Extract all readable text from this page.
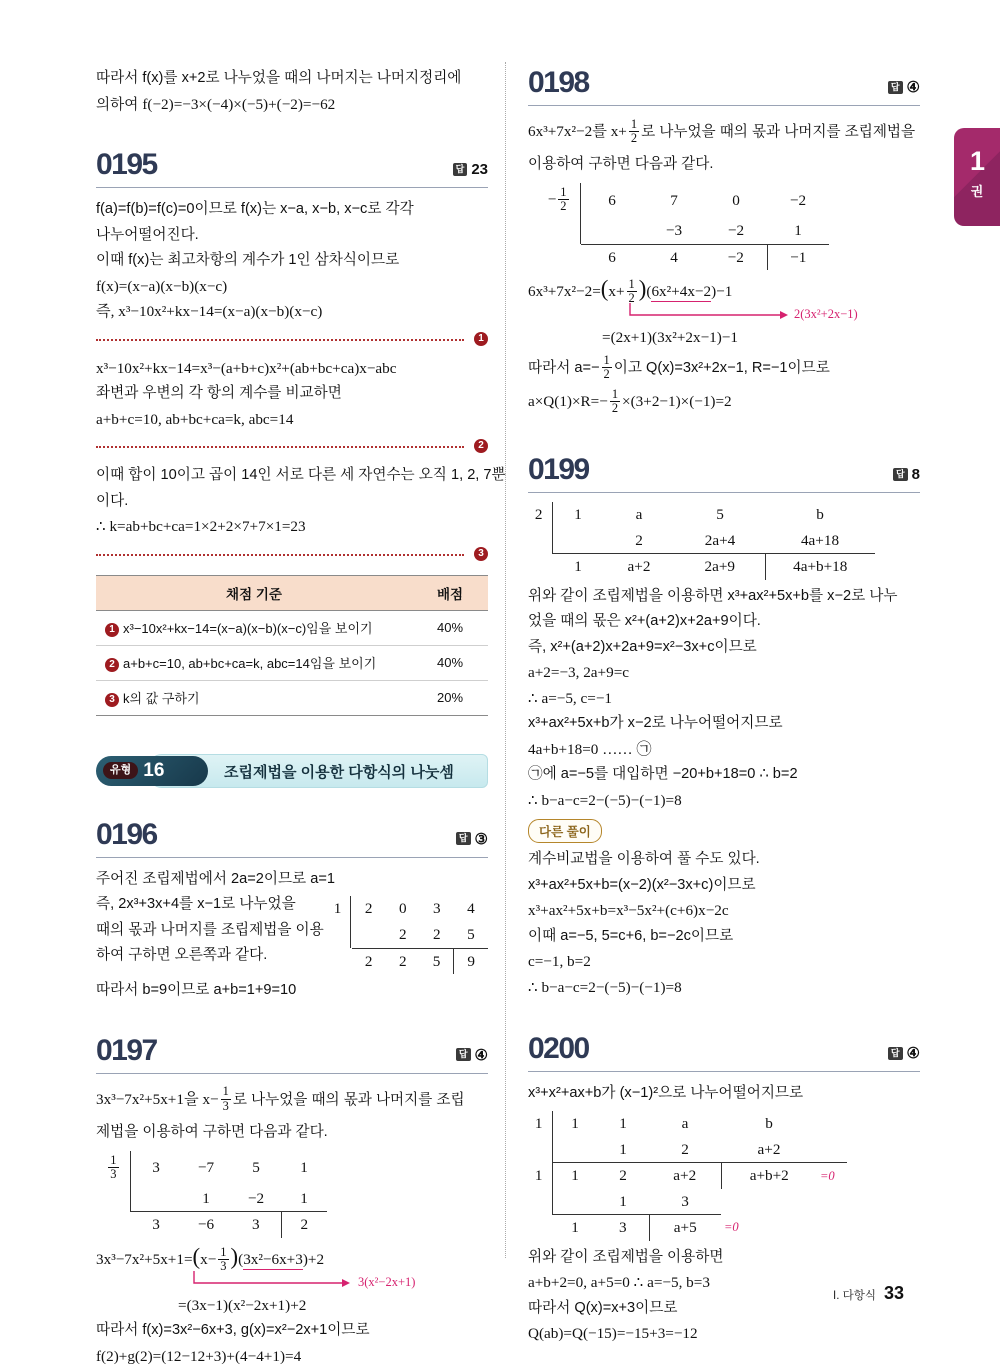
1
권
따라서 f(x)를 x+2로 나누었을 때의 나머지는 나머지정리에
의하여 f(−2)=−3×(−4)×(−5)+(−2)=−62
0195	답 23
f(a)=f(b)=f(c)=0이므로 f(x)는 x−a, x−b, x−c로 각각
나누어떨어진다.
이때 f(x)는 최고차항의 계수가 1인 삼차식이므로
f(x)=(x−a)(x−b)(x−c)
즉, x³−10x²+kx−14=(x−a)(x−b)(x−c)
1
x³−10x²+kx−14=x³−(a+b+c)x²+(ab+bc+ca)x−abc
좌변과 우변의 각 항의 계수를 비교하면
a+b+c=10, ab+bc+ca=k, abc=14
2
이때 합이 10이고 곱이 14인 서로 다른 세 자연수는 오직 1, 2, 7뿐
이다.
∴ k=ab+bc+ca=1×2+2×7+7×1=23
3
채점 기준	배점
1 x³−10x²+kx−14=(x−a)(x−b)(x−c)임을 보이기	40%
2 a+b+c=10, ab+bc+ca=k, abc=14임을 보이기	40%
3 k의 값 구하기	20%
유형 16	조립제법을 이용한 다항식의 나눗셈
0196	답 ③
주어진 조립제법에서 2a=2이므로 a=1
즉, 2x³+3x+4를 x−1로 나누었을
때의 몫과 나머지를 조립제법을 이용
하여 구하면 오른쪽과 같다.
1		2	0	3	4
			2	2	5
		2	2	5	9
따라서 b=9이므로 a+b=1+9=10
0197	답 ④
3x³−7x²+5x+1을 $x- \frac{1}{3}$ 로 나누었을 때의 몫과 나머지를 조립
제법을 이용하여 구하면 다음과 같다.
$\frac{1}{3}$		3	−7	5	1
			1	−2	1
		3	−6	3	2
$3x^3-7x^2+5x+1=(x- \frac{1}{3} )(3x^2-6x+3)+2$
3(x²−2x+1)
=(3x−1)(x²−2x+1)+2
따라서 f(x)=3x²−6x+3, g(x)=x²−2x+1이므로
f(2)+g(2)=(12−12+3)+(4−4+1)=4
0198	답 ④
6x³+7x²−2를 $x+ \frac{1}{2}$ 로 나누었을 때의 몫과 나머지를 조립제법을
이용하여 구하면 다음과 같다.
− $\frac{1}{2}$		6	7	0	−2
			−3	−2	1
		6	4	−2	−1
$6x^3+7x^2-2=(x+ \frac{1}{2} )(6x^2+4x-2)-1$
2(3x²+2x−1)
=(2x+1)(3x²+2x−1)−1
따라서 $a=- \frac{1}{2}$ 이고 Q(x)=3x²+2x−1, R=−1이므로
$a\times Q(1)\times R=- \frac{1}{2} \times(3+2-1)\times(-1)=2$
0199	답 8
2		1	a	5	b
			2	2a+4	4a+18
		1	a+2	2a+9	4a+b+18
위와 같이 조립제법을 이용하면 x³+ax²+5x+b를 x−2로 나누
었을 때의 몫은 x²+(a+2)x+2a+9이다.
즉, x²+(a+2)x+2a+9=x²−3x+c이므로
a+2=−3, 2a+9=c
∴ a=−5, c=−1
x³+ax²+5x+b가 x−2로 나누어떨어지므로
4a+b+18=0 …… ㉠
㉠에 a=−5를 대입하면 −20+b+18=0 ∴ b=2
∴ b−a−c=2−(−5)−(−1)=8
다른 풀이
계수비교법을 이용하여 풀 수도 있다.
x³+ax²+5x+b=(x−2)(x²−3x+c)이므로
x³+ax²+5x+b=x³−5x²+(c+6)x−2c
이때 a=−5, 5=c+6, b=−2c이므로
c=−1, b=2
∴ b−a−c=2−(−5)−(−1)=8
0200	답 ④
x³+x²+ax+b가 (x−1)²으로 나누어떨어지므로
1		1	1	a	b	
			1	2	a+2	
1		1	2	a+2	a+b+2	=0
			1	3		
		1	3	a+5	=0	
위와 같이 조립제법을 이용하면
a+b+2=0, a+5=0 ∴ a=−5, b=3
따라서 Q(x)=x+3이므로
Q(ab)=Q(−15)=−15+3=−12
I. 다항식 33
